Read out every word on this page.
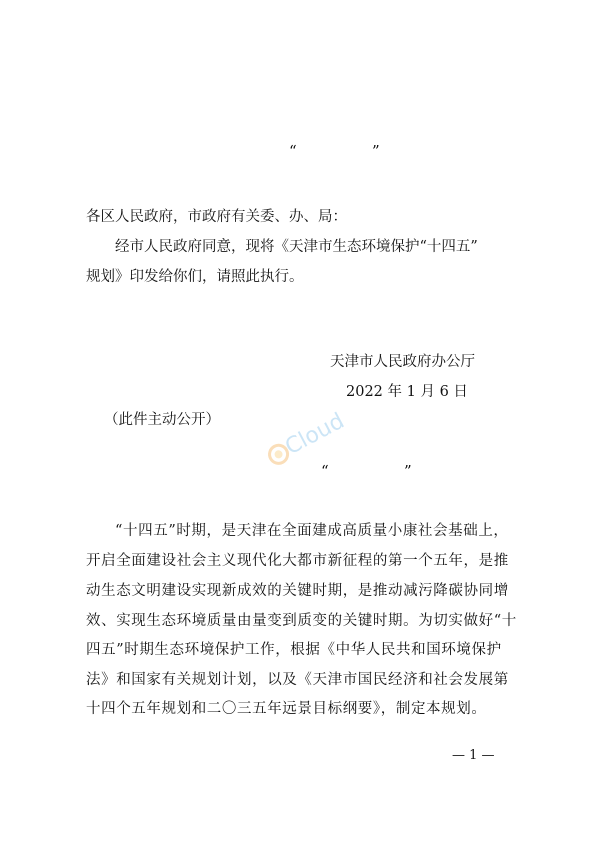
“	”
各区人民政府，市政府有关委、办、局：
经市人民政府同意，现将《天津市生态环境保护“十四五”
规划》印发给你们，请照此执行。
天津市人民政府办公厅
2022 年 1 月 6 日
（此件主动公开）	Cloud
“	”
“十四五”时期，是天津在全面建成高质量小康社会基础上，
开启全面建设社会主义现代化大都市新征程的第一个五年，是推
动生态文明建设实现新成效的关键时期，是推动减污降碳协同增
效、实现生态环境质量由量变到质变的关键时期。为切实做好“十
四五”时期生态环境保护工作，根据《中华人民共和国环境保护
法》和国家有关规划计划，以及《天津市国民经济和社会发展第
十四个五年规划和二〇三五年远景目标纲要》，制定本规划。
— 1 —
